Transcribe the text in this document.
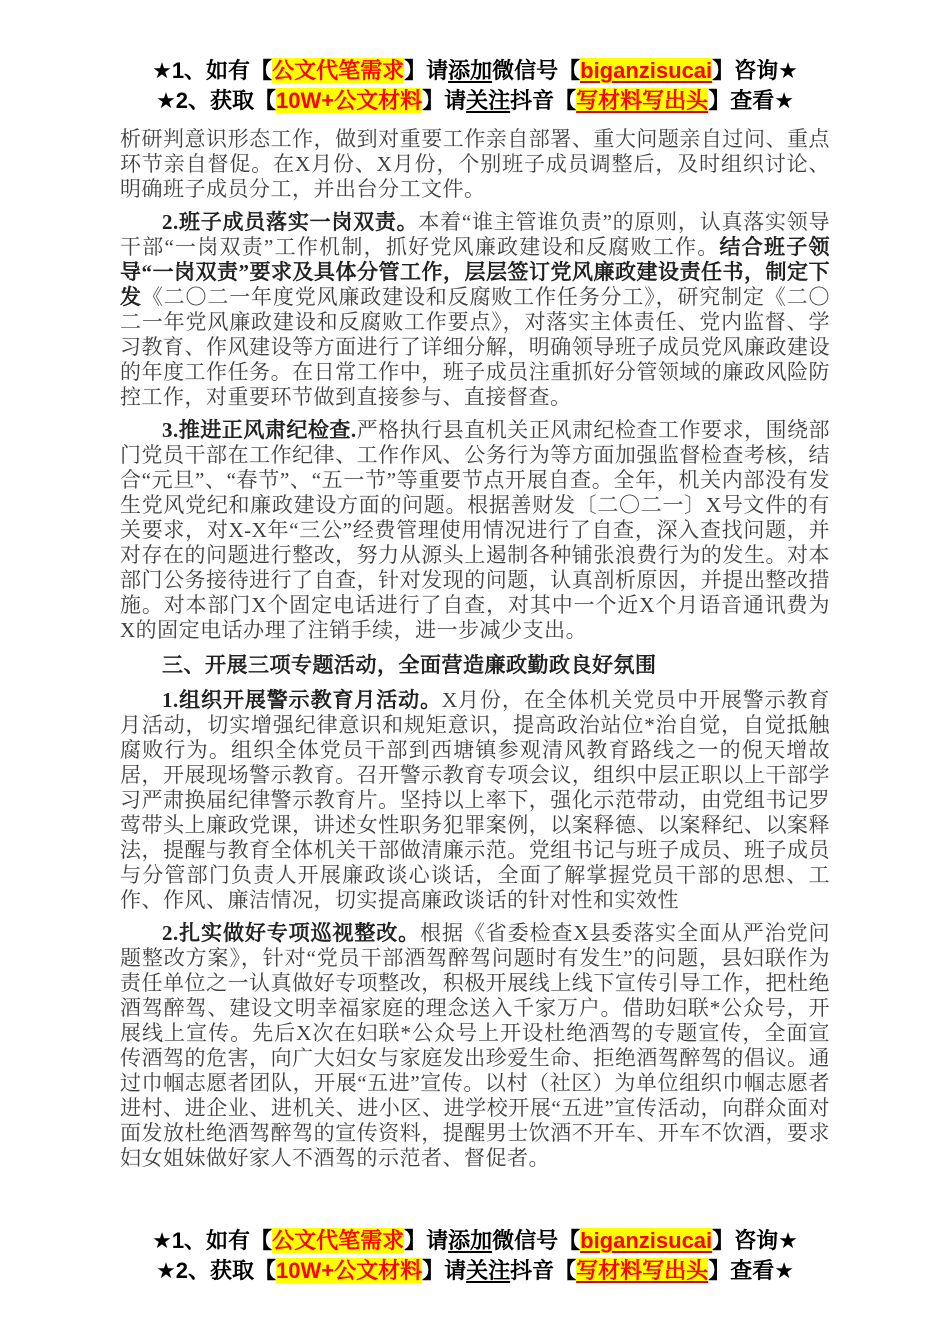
★1、如有【公文代笔需求】请添加微信号【biganzisucai】咨询★
★2、获取【10W+公文材料】请关注抖音【写材料写出头】查看★

析研判意识形态工作，做到对重要工作亲自部署、重大问题亲自过问、重点环节亲自督促。在X月份、X月份，个别班子成员调整后，及时组织讨论、明确班子成员分工，并出台分工文件。

2.班子成员落实一岗双责。本着“谁主管谁负责”的原则，认真落实领导干部“一岗双责”工作机制，抓好党风廉政建设和反腐败工作。结合班子领导“一岗双责”要求及具体分管工作，层层签订党风廉政建设责任书，制定下发《二〇二一年度党风廉政建设和反腐败工作任务分工》，研究制定《二〇二一年党风廉政建设和反腐败工作要点》，对落实主体责任、党内监督、学习教育、作风建设等方面进行了详细分解，明确领导班子成员党风廉政建设的年度工作任务。在日常工作中，班子成员注重抓好分管领域的廉政风险防控工作，对重要环节做到直接参与、直接督查。

3.推进正风肃纪检查.严格执行县直机关正风肃纪检查工作要求，围绕部门党员干部在工作纪律、工作作风、公务行为等方面加强监督检查考核，结合“元旦”、“春节”、“五一节”等重要节点开展自查。全年，机关内部没有发生党风党纪和廉政建设方面的问题。根据善财发〔二〇二一〕X号文件的有关要求，对X-X年“三公”经费管理使用情况进行了自查，深入查找问题，并对存在的问题进行整改，努力从源头上遏制各种铺张浪费行为的发生。对本部门公务接待进行了自查，针对发现的问题，认真剖析原因，并提出整改措施。对本部门X个固定电话进行了自查，对其中一个近X个月语音通讯费为X的固定电话办理了注销手续，进一步减少支出。

三、开展三项专题活动，全面营造廉政勤政良好氛围

1.组织开展警示教育月活动。X月份，在全体机关党员中开展警示教育月活动，切实增强纪律意识和规矩意识，提高政治站位*治自觉，自觉抵触腐败行为。组织全体党员干部到西塘镇参观清风教育路线之一的倪天增故居，开展现场警示教育。召开警示教育专项会议，组织中层正职以上干部学习严肃换届纪律警示教育片。坚持以上率下，强化示范带动，由党组书记罗莺带头上廉政党课，讲述女性职务犯罪案例，以案释德、以案释纪、以案释法，提醒与教育全体机关干部做清廉示范。党组书记与班子成员、班子成员与分管部门负责人开展廉政谈心谈话，全面了解掌握党员干部的思想、工作、作风、廉洁情况，切实提高廉政谈话的针对性和实效性

2.扎实做好专项巡视整改。根据《省委检查X县委落实全面从严治党问题整改方案》，针对“党员干部酒驾醉驾问题时有发生”的问题，县妇联作为责任单位之一认真做好专项整改，积极开展线上线下宣传引导工作，把杜绝酒驾醉驾、建设文明幸福家庭的理念送入千家万户。借助妇联*公众号，开展线上宣传。先后X次在妇联*公众号上开设杜绝酒驾的专题宣传，全面宣传酒驾的危害，向广大妇女与家庭发出珍爱生命、拒绝酒驾醉驾的倡议。通过巾帼志愿者团队，开展“五进”宣传。以村（社区）为单位组织巾帼志愿者进村、进企业、进机关、进小区、进学校开展“五进”宣传活动，向群众面对面发放杜绝酒驾醉驾的宣传资料，提醒男士饮酒不开车、开车不饮酒，要求妇女姐妹做好家人不酒驾的示范者、督促者。

★1、如有【公文代笔需求】请添加微信号【biganzisucai】咨询★
★2、获取【10W+公文材料】请关注抖音【写材料写出头】查看★
